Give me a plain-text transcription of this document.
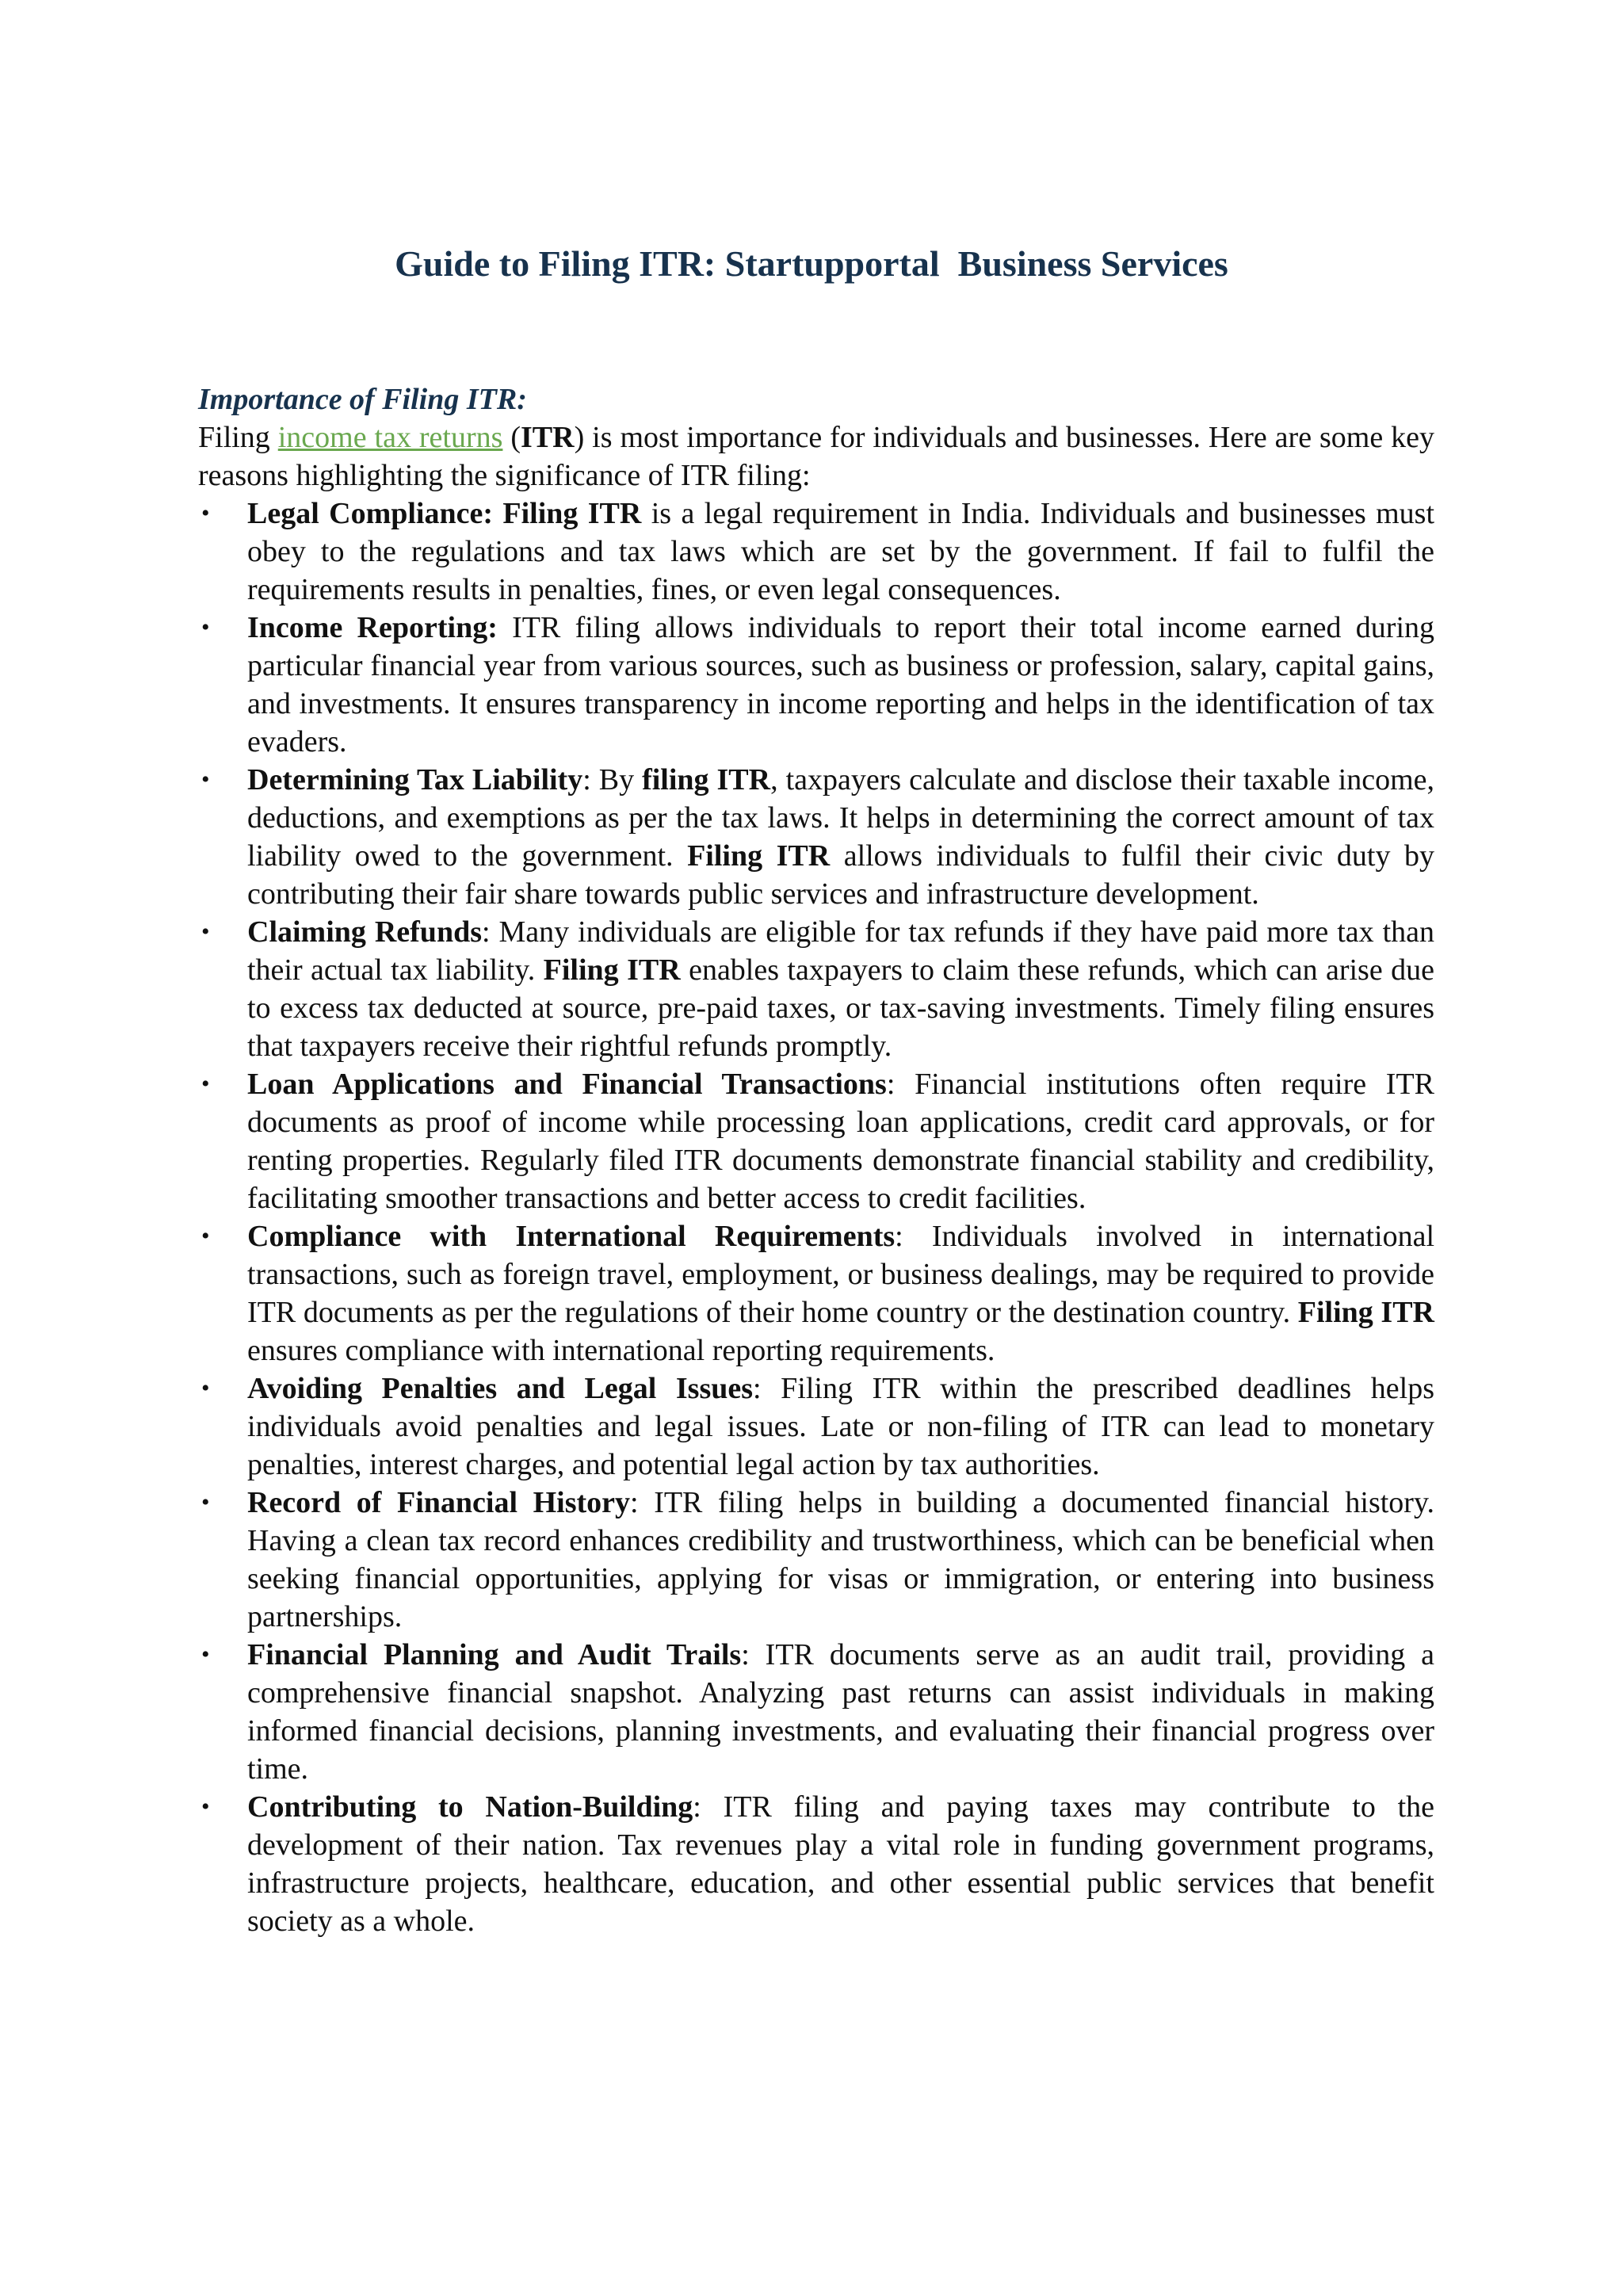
Guide to Filing ITR: Startupportal  Business Services

Importance of Filing ITR:

Filing income tax returns (ITR) is most importance for individuals and businesses. Here are some key reasons highlighting the significance of ITR filing:

• Legal Compliance: Filing ITR is a legal requirement in India. Individuals and businesses must obey to the regulations and tax laws which are set by the government. If fail to fulfil the requirements results in penalties, fines, or even legal consequences.
• Income Reporting: ITR filing allows individuals to report their total income earned during particular financial year from various sources, such as business or profession, salary, capital gains, and investments. It ensures transparency in income reporting and helps in the identification of tax evaders.
• Determining Tax Liability: By filing ITR, taxpayers calculate and disclose their taxable income, deductions, and exemptions as per the tax laws. It helps in determining the correct amount of tax liability owed to the government. Filing ITR allows individuals to fulfil their civic duty by contributing their fair share towards public services and infrastructure development.
• Claiming Refunds: Many individuals are eligible for tax refunds if they have paid more tax than their actual tax liability. Filing ITR enables taxpayers to claim these refunds, which can arise due to excess tax deducted at source, pre-paid taxes, or tax-saving investments. Timely filing ensures that taxpayers receive their rightful refunds promptly.
• Loan Applications and Financial Transactions: Financial institutions often require ITR documents as proof of income while processing loan applications, credit card approvals, or for renting properties. Regularly filed ITR documents demonstrate financial stability and credibility, facilitating smoother transactions and better access to credit facilities.
• Compliance with International Requirements: Individuals involved in international transactions, such as foreign travel, employment, or business dealings, may be required to provide ITR documents as per the regulations of their home country or the destination country. Filing ITR ensures compliance with international reporting requirements.
• Avoiding Penalties and Legal Issues: Filing ITR within the prescribed deadlines helps individuals avoid penalties and legal issues. Late or non-filing of ITR can lead to monetary penalties, interest charges, and potential legal action by tax authorities.
• Record of Financial History: ITR filing helps in building a documented financial history. Having a clean tax record enhances credibility and trustworthiness, which can be beneficial when seeking financial opportunities, applying for visas or immigration, or entering into business partnerships.
• Financial Planning and Audit Trails: ITR documents serve as an audit trail, providing a comprehensive financial snapshot. Analyzing past returns can assist individuals in making informed financial decisions, planning investments, and evaluating their financial progress over time.
• Contributing to Nation-Building: ITR filing and paying taxes may contribute to the development of their nation. Tax revenues play a vital role in funding government programs, infrastructure projects, healthcare, education, and other essential public services that benefit society as a whole.
